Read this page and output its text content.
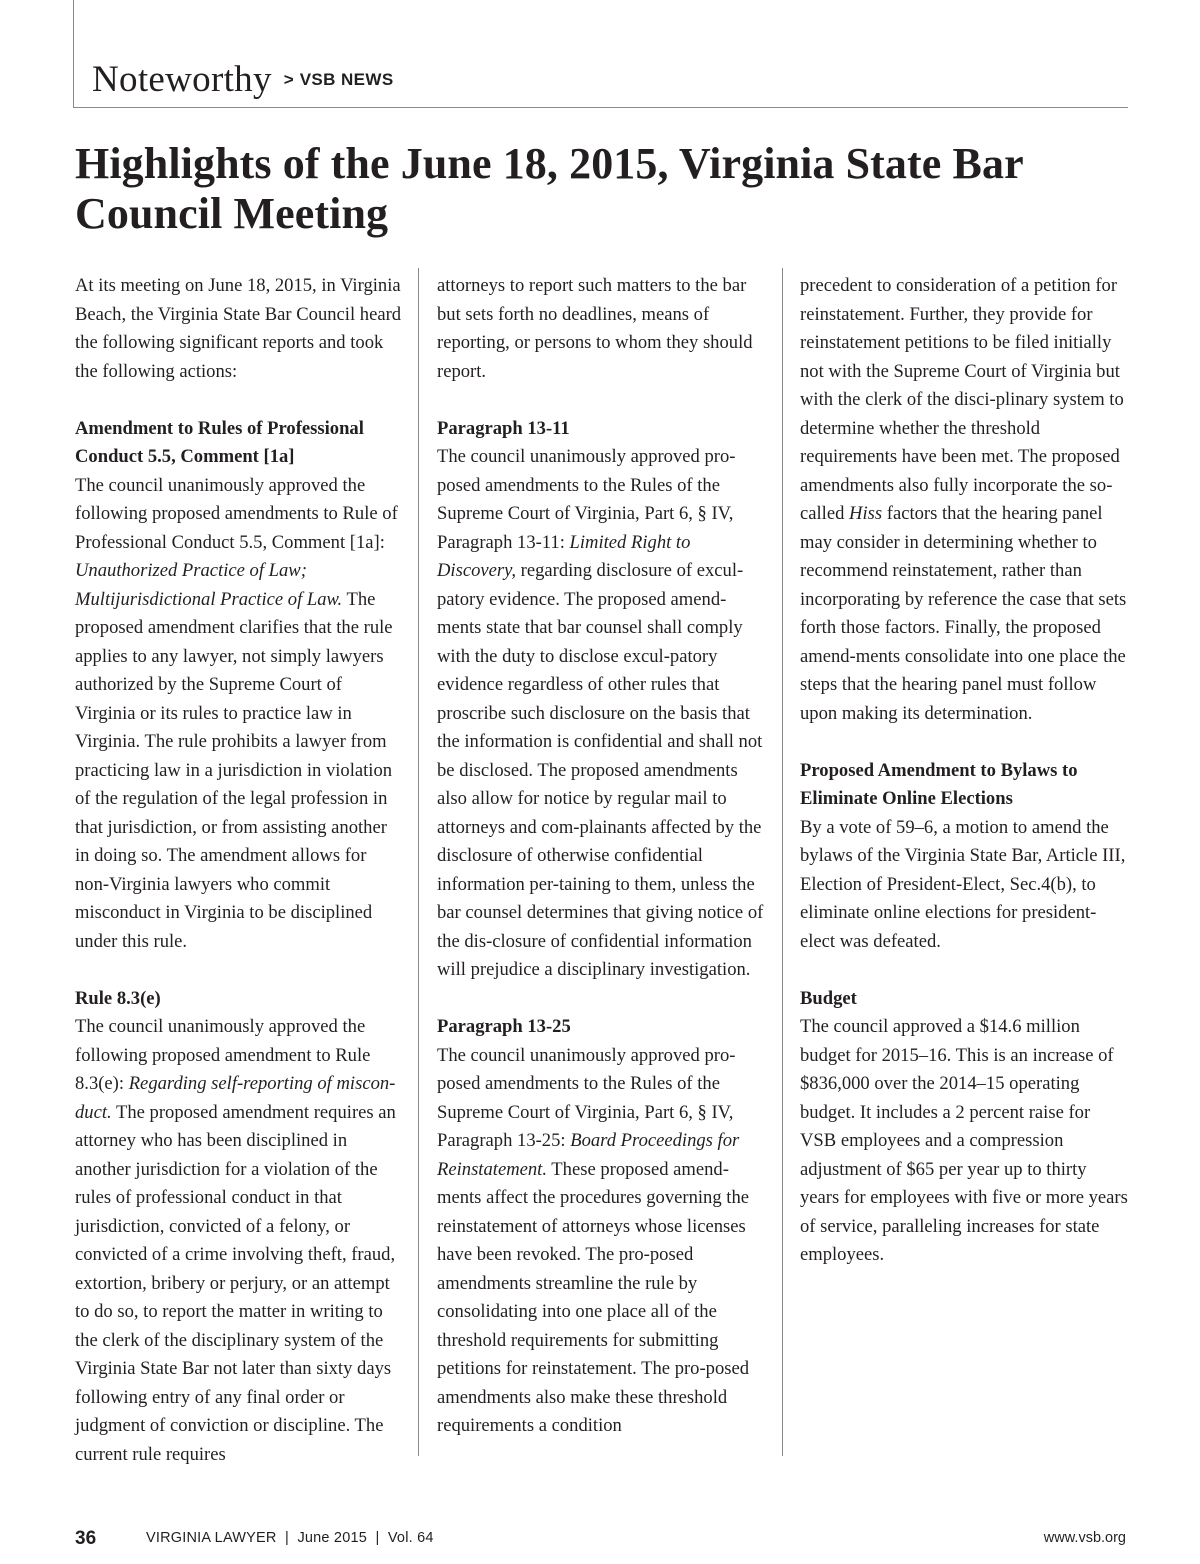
Noteworthy > VSB NEWS
Highlights of the June 18, 2015, Virginia State Bar Council Meeting

At its meeting on June 18, 2015, in Virginia Beach, the Virginia State Bar Council heard the following significant reports and took the following actions:

Amendment to Rules of Professional Conduct 5.5, Comment [1a]

The council unanimously approved the following proposed amendments to Rule of Professional Conduct 5.5, Comment [1a]: Unauthorized Practice of Law; Multijurisdictional Practice of Law. The proposed amendment clarifies that the rule applies to any lawyer, not simply lawyers authorized by the Supreme Court of Virginia or its rules to practice law in Virginia. The rule prohibits a lawyer from practicing law in a jurisdiction in violation of the regulation of the legal profession in that jurisdiction, or from assisting another in doing so. The amendment allows for non-Virginia lawyers who commit misconduct in Virginia to be disciplined under this rule.

Rule 8.3(e)

The council unanimously approved the following proposed amendment to Rule 8.3(e): Regarding self-reporting of miscon-duct. The proposed amendment requires an attorney who has been disciplined in another jurisdiction for a violation of the rules of professional conduct in that jurisdiction, convicted of a felony, or convicted of a crime involving theft, fraud, extortion, bribery or perjury, or an attempt to do so, to report the matter in writing to the clerk of the disciplinary system of the Virginia State Bar not later than sixty days following entry of any final order or judgment of conviction or discipline. The current rule requires

attorneys to report such matters to the bar but sets forth no deadlines, means of reporting, or persons to whom they should report.

Paragraph 13-11

The council unanimously approved pro-posed amendments to the Rules of the Supreme Court of Virginia, Part 6, § IV, Paragraph 13-11: Limited Right to Discovery, regarding disclosure of excul-patory evidence. The proposed amend-ments state that bar counsel shall comply with the duty to disclose excul-patory evidence regardless of other rules that proscribe such disclosure on the basis that the information is confidential and shall not be disclosed. The proposed amendments also allow for notice by regular mail to attorneys and com-plainants affected by the disclosure of otherwise confidential information per-taining to them, unless the bar counsel determines that giving notice of the dis-closure of confidential information will prejudice a disciplinary investigation.

Paragraph 13-25

The council unanimously approved pro-posed amendments to the Rules of the Supreme Court of Virginia, Part 6, § IV, Paragraph 13-25: Board Proceedings for Reinstatement. These proposed amend-ments affect the procedures governing the reinstatement of attorneys whose licenses have been revoked. The pro-posed amendments streamline the rule by consolidating into one place all of the threshold requirements for submitting petitions for reinstatement. The pro-posed amendments also make these threshold requirements a condition

precedent to consideration of a petition for reinstatement. Further, they provide for reinstatement petitions to be filed initially not with the Supreme Court of Virginia but with the clerk of the disci-plinary system to determine whether the threshold requirements have been met. The proposed amendments also fully incorporate the so-called Hiss factors that the hearing panel may consider in determining whether to recommend reinstatement, rather than incorporating by reference the case that sets forth those factors. Finally, the proposed amend-ments consolidate into one place the steps that the hearing panel must follow upon making its determination.

Proposed Amendment to Bylaws to Eliminate Online Elections

By a vote of 59–6, a motion to amend the bylaws of the Virginia State Bar, Article III, Election of President-Elect, Sec.4(b), to eliminate online elections for president-elect was defeated.

Budget

The council approved a $14.6 million budget for 2015–16. This is an increase of $836,000 over the 2014–15 operating budget. It includes a 2 percent raise for VSB employees and a compression adjustment of $65 per year up to thirty years for employees with five or more years of service, paralleling increases for state employees.

36	VIRGINIA LAWYER  |  June 2015  |  Vol. 64	www.vsb.org
